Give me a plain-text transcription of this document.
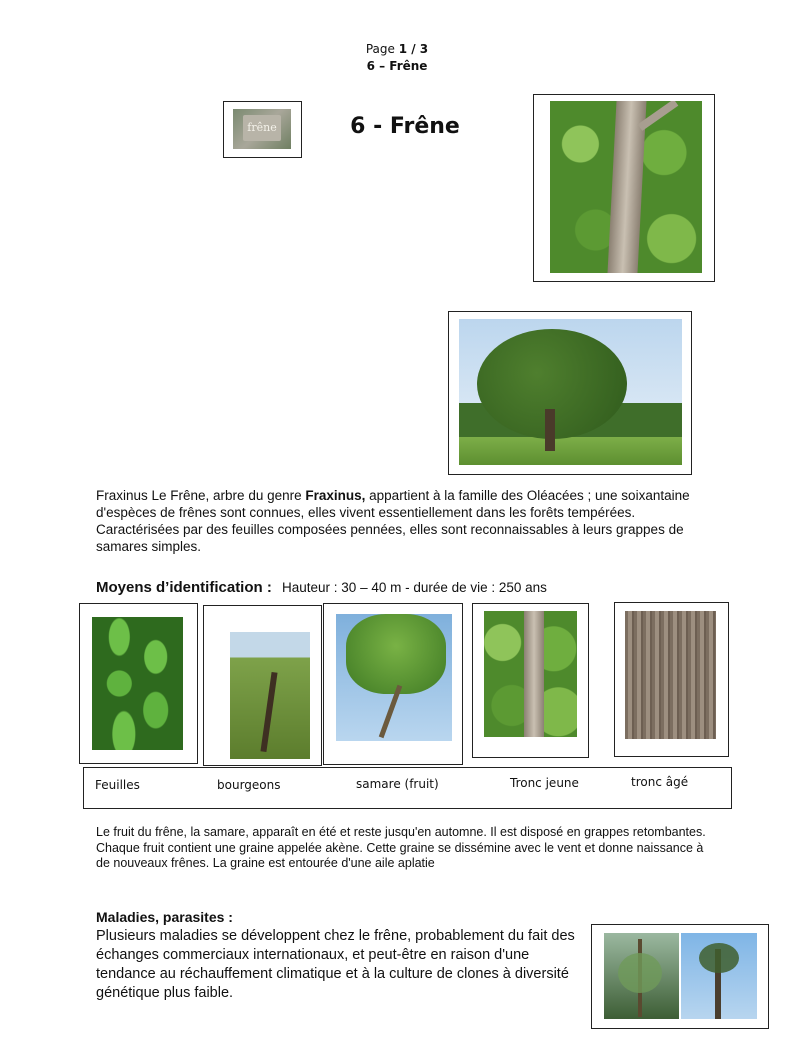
Page 1 / 3
6 – Frêne
frêne	6 - Frêne
Fraxinus Le Frêne, arbre du genre Fraxinus, appartient à la famille des Oléacées ; une soixantaine d'espèces de frênes sont connues, elles vivent essentiellement dans les forêts tempérées. Caractérisées par des feuilles composées pennées, elles sont reconnaissables à leurs grappes de samares simples.
Moyens d’identification : Hauteur : 30 – 40 m - durée de vie : 250 ans
Feuilles	bourgeons	samare (fruit)	Tronc jeune	tronc âgé
Le fruit du frêne, la samare, apparaît en été et reste jusqu'en automne. Il est disposé en grappes retombantes. Chaque fruit contient une graine appelée akène. Cette graine se dissémine avec le vent et donne naissance à de nouveaux frênes. La graine est entourée d'une aile aplatie
Maladies, parasites :
Plusieurs maladies se développent chez le frêne, probablement du fait des échanges commerciaux internationaux, et peut-être en raison d'une tendance au réchauffement climatique et à la culture de clones à diversité génétique plus faible.
